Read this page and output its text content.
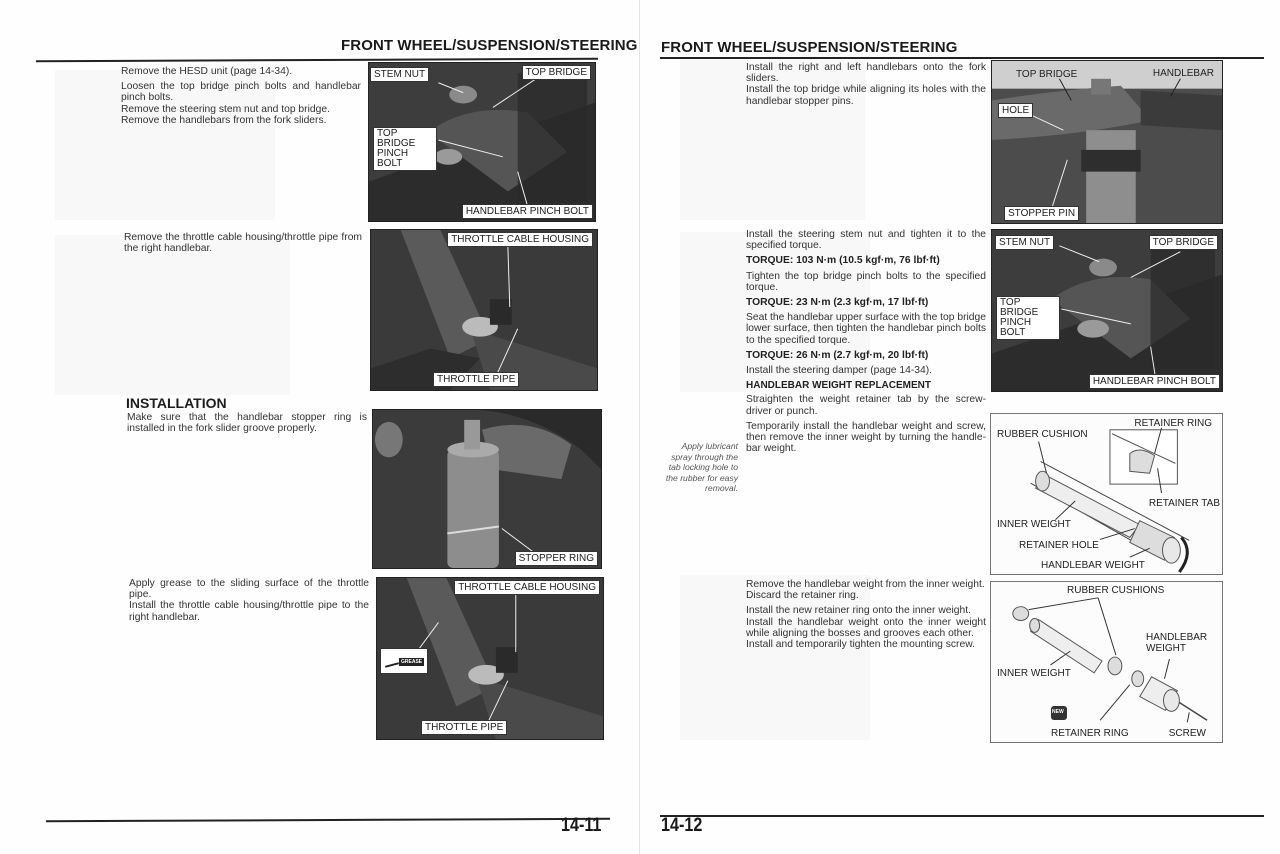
FRONT WHEEL/SUSPENSION/STEERING

Remove the HESD unit (page 14-34).

Loosen the top bridge pinch bolts and handlebar pinch bolts.

Remove the steering stem nut and top bridge.

Remove the handlebars from the fork sliders.

STEM NUT	TOP BRIDGE
TOP BRIDGE PINCH BOLT
HANDLEBAR PINCH BOLT

Remove the throttle cable housing/throttle pipe from the right handlebar.

THROTTLE CABLE HOUSING
THROTTLE PIPE
INSTALLATION

Make sure that the handlebar stopper ring is installed in the fork slider groove properly.

STOPPER RING

Apply grease to the sliding surface of the throttle pipe.

Install the throttle cable housing/throttle pipe to the right handlebar.

THROTTLE CABLE HOUSING
THROTTLE PIPE
GREASE
14-11
FRONT WHEEL/SUSPENSION/STEERING

Install the right and left handlebars onto the fork sliders.

Install the top bridge while aligning its holes with the handlebar stopper pins.

TOP BRIDGE	HANDLEBAR
HOLE
STOPPER PIN

Install the steering stem nut and tighten it to the specified torque.

TORQUE: 103 N·m (10.5 kgf·m, 76 lbf·ft)

Tighten the top bridge pinch bolts to the specified torque.

TORQUE: 23 N·m (2.3 kgf·m, 17 lbf·ft)

Seat the handlebar upper surface with the top bridge lower surface, then tighten the handlebar pinch bolts to the specified torque.

TORQUE: 26 N·m (2.7 kgf·m, 20 lbf·ft)

Install the steering damper (page 14-34).

HANDLEBAR WEIGHT REPLACEMENT

Straighten the weight retainer tab by the screw-driver or punch.

Temporarily install the handlebar weight and screw, then remove the inner weight by turning the handle-bar weight.

Apply lubricant spray through the tab locking hole to the rubber for easy removal.
STEM NUT	TOP BRIDGE
TOP BRIDGE PINCH BOLT
HANDLEBAR PINCH BOLT
RUBBER CUSHION
RETAINER RING
RETAINER TAB
INNER WEIGHT
RETAINER HOLE
HANDLEBAR WEIGHT

Remove the handlebar weight from the inner weight.

Discard the retainer ring.

Install the new retainer ring onto the inner weight.

Install the handlebar weight onto the inner weight while aligning the bosses and grooves each other.

Install and temporarily tighten the mounting screw.

RUBBER CUSHIONS
HANDLEBAR WEIGHT
INNER WEIGHT
RETAINER RING	SCREW
NEW
14-12
